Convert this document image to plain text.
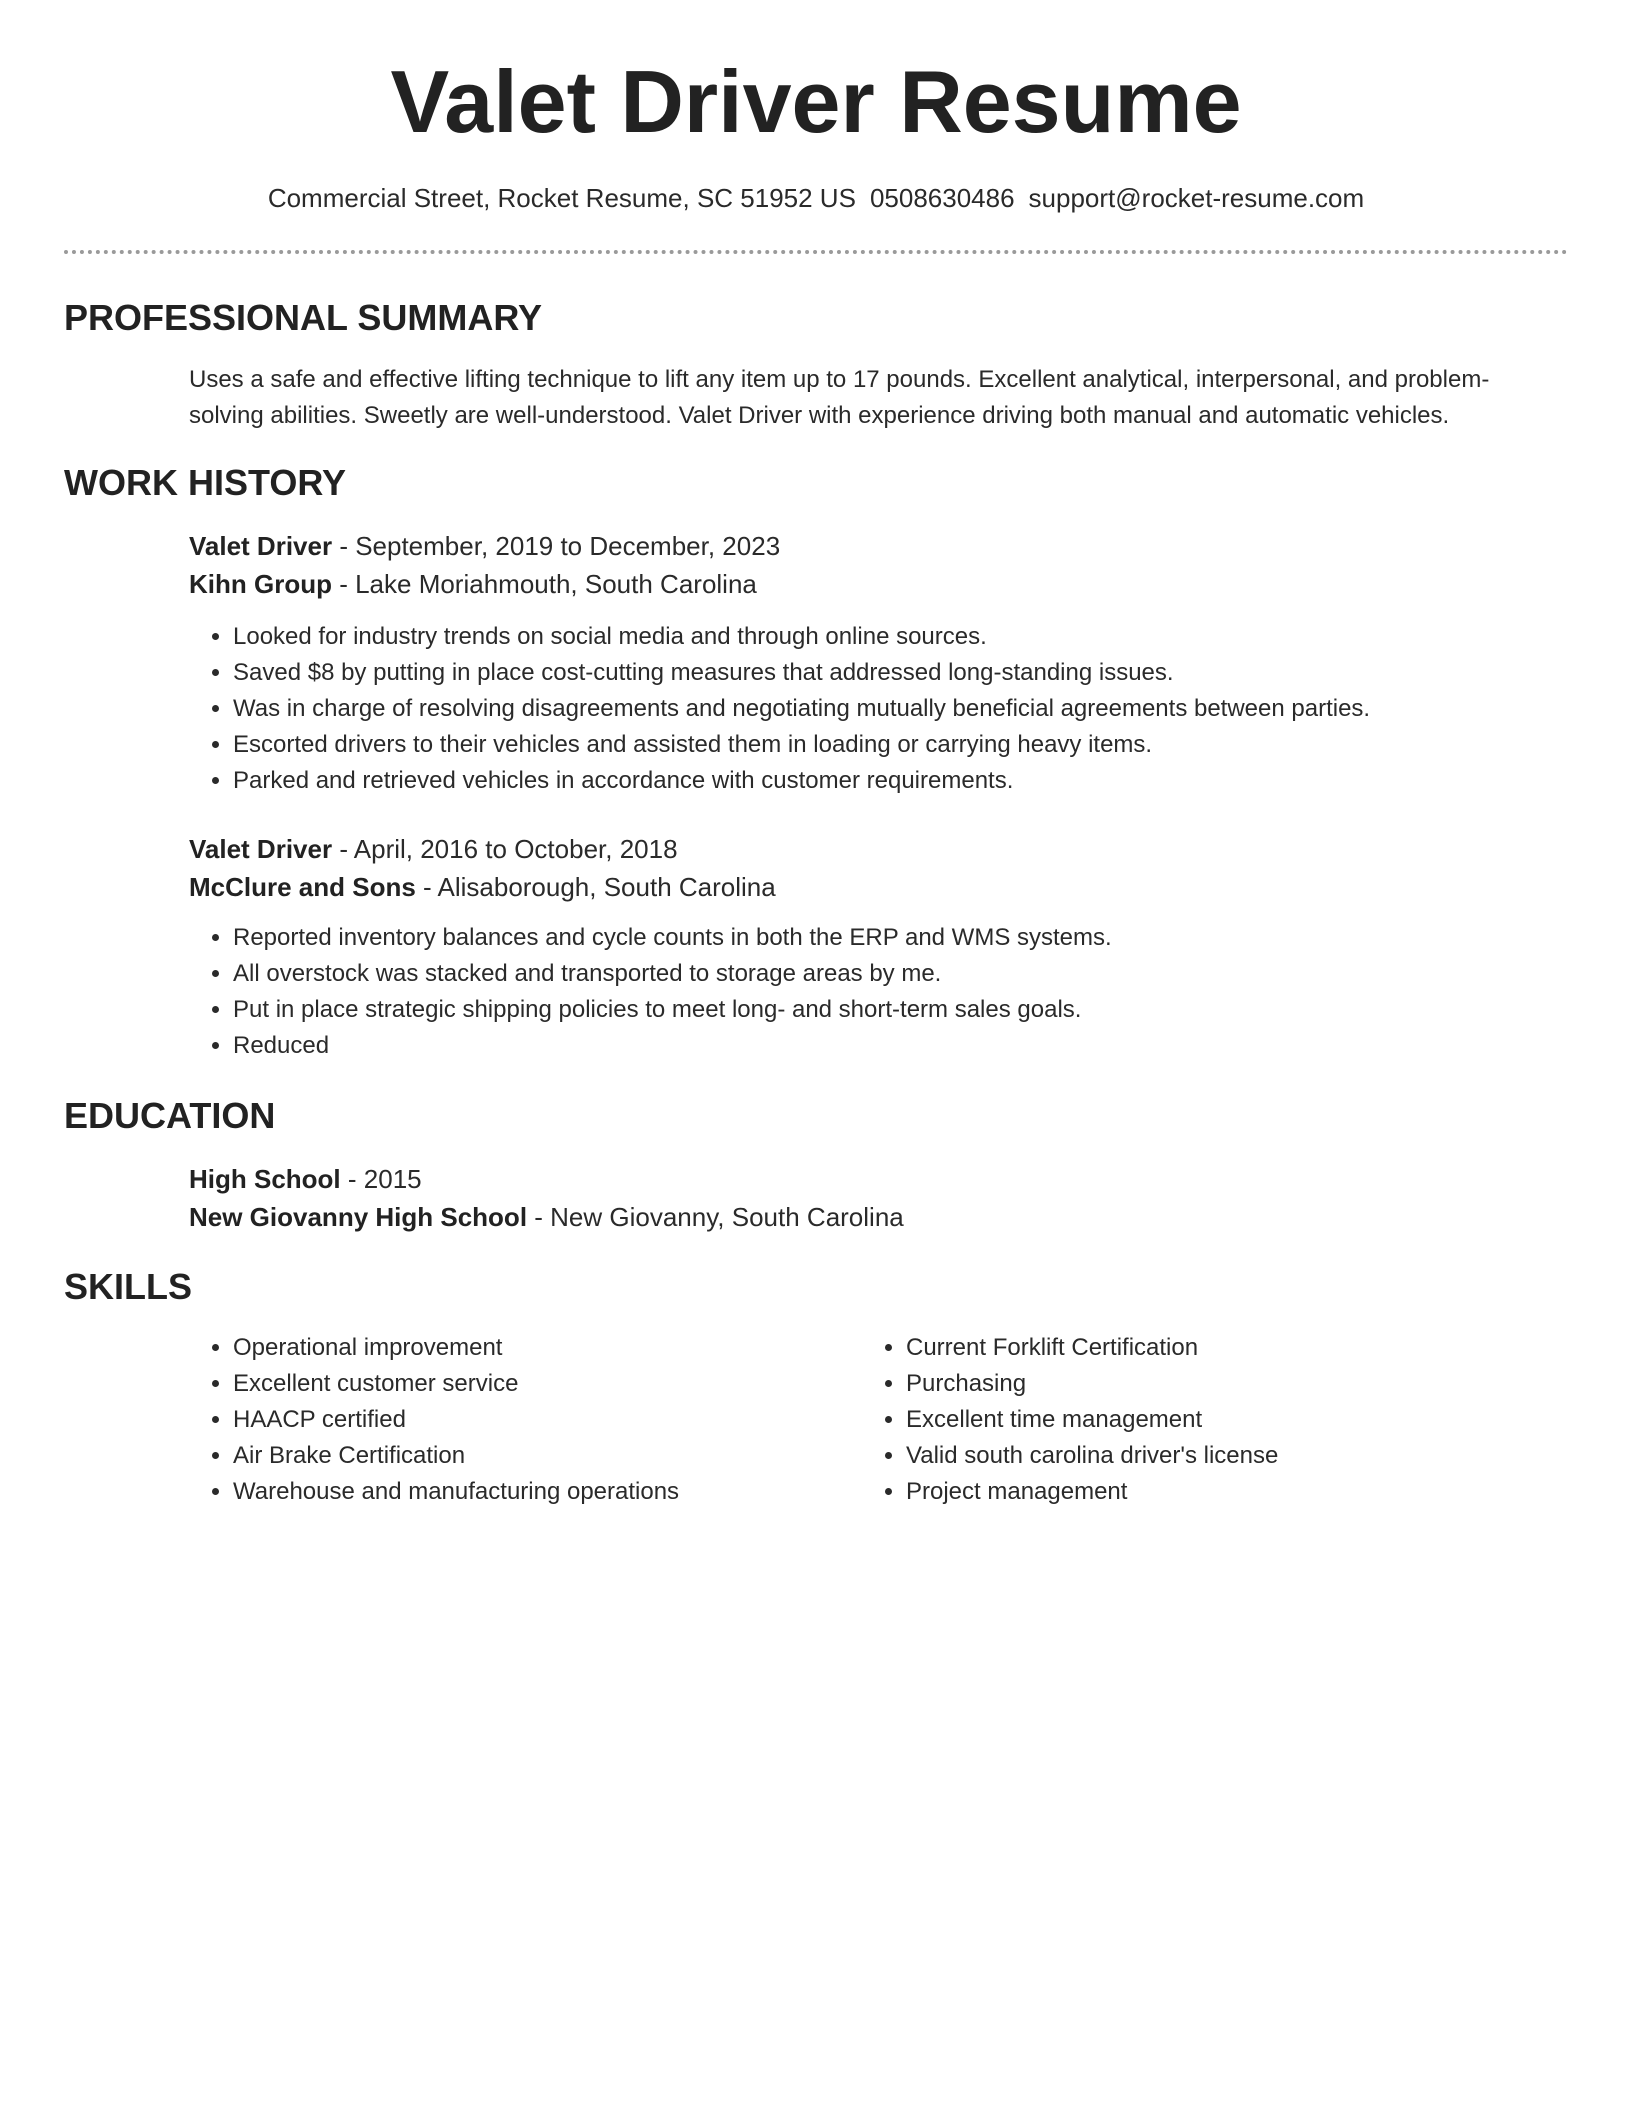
Valet Driver Resume
Commercial Street, Rocket Resume, SC 51952 US 0508630486 support@rocket-resume.com
PROFESSIONAL SUMMARY

Uses a safe and effective lifting technique to lift any item up to 17 pounds. Excellent analytical, interpersonal, and problem-solving abilities. Sweetly are well-understood. Valet Driver with experience driving both manual and automatic vehicles.

WORK HISTORY

Valet Driver - September, 2019 to December, 2023

Kihn Group - Lake Moriahmouth, South Carolina

• Looked for industry trends on social media and through online sources.
• Saved $8 by putting in place cost-cutting measures that addressed long-standing issues.
• Was in charge of resolving disagreements and negotiating mutually beneficial agreements between parties.
• Escorted drivers to their vehicles and assisted them in loading or carrying heavy items.
• Parked and retrieved vehicles in accordance with customer requirements.

Valet Driver - April, 2016 to October, 2018

McClure and Sons - Alisaborough, South Carolina

• Reported inventory balances and cycle counts in both the ERP and WMS systems.
• All overstock was stacked and transported to storage areas by me.
• Put in place strategic shipping policies to meet long- and short-term sales goals.
• Reduced
EDUCATION

High School - 2015

New Giovanny High School - New Giovanny, South Carolina

SKILLS
• Operational improvement
• Excellent customer service
• HAACP certified
• Air Brake Certification
• Warehouse and manufacturing operations
• Current Forklift Certification
• Purchasing
• Excellent time management
• Valid south carolina driver's license
• Project management
